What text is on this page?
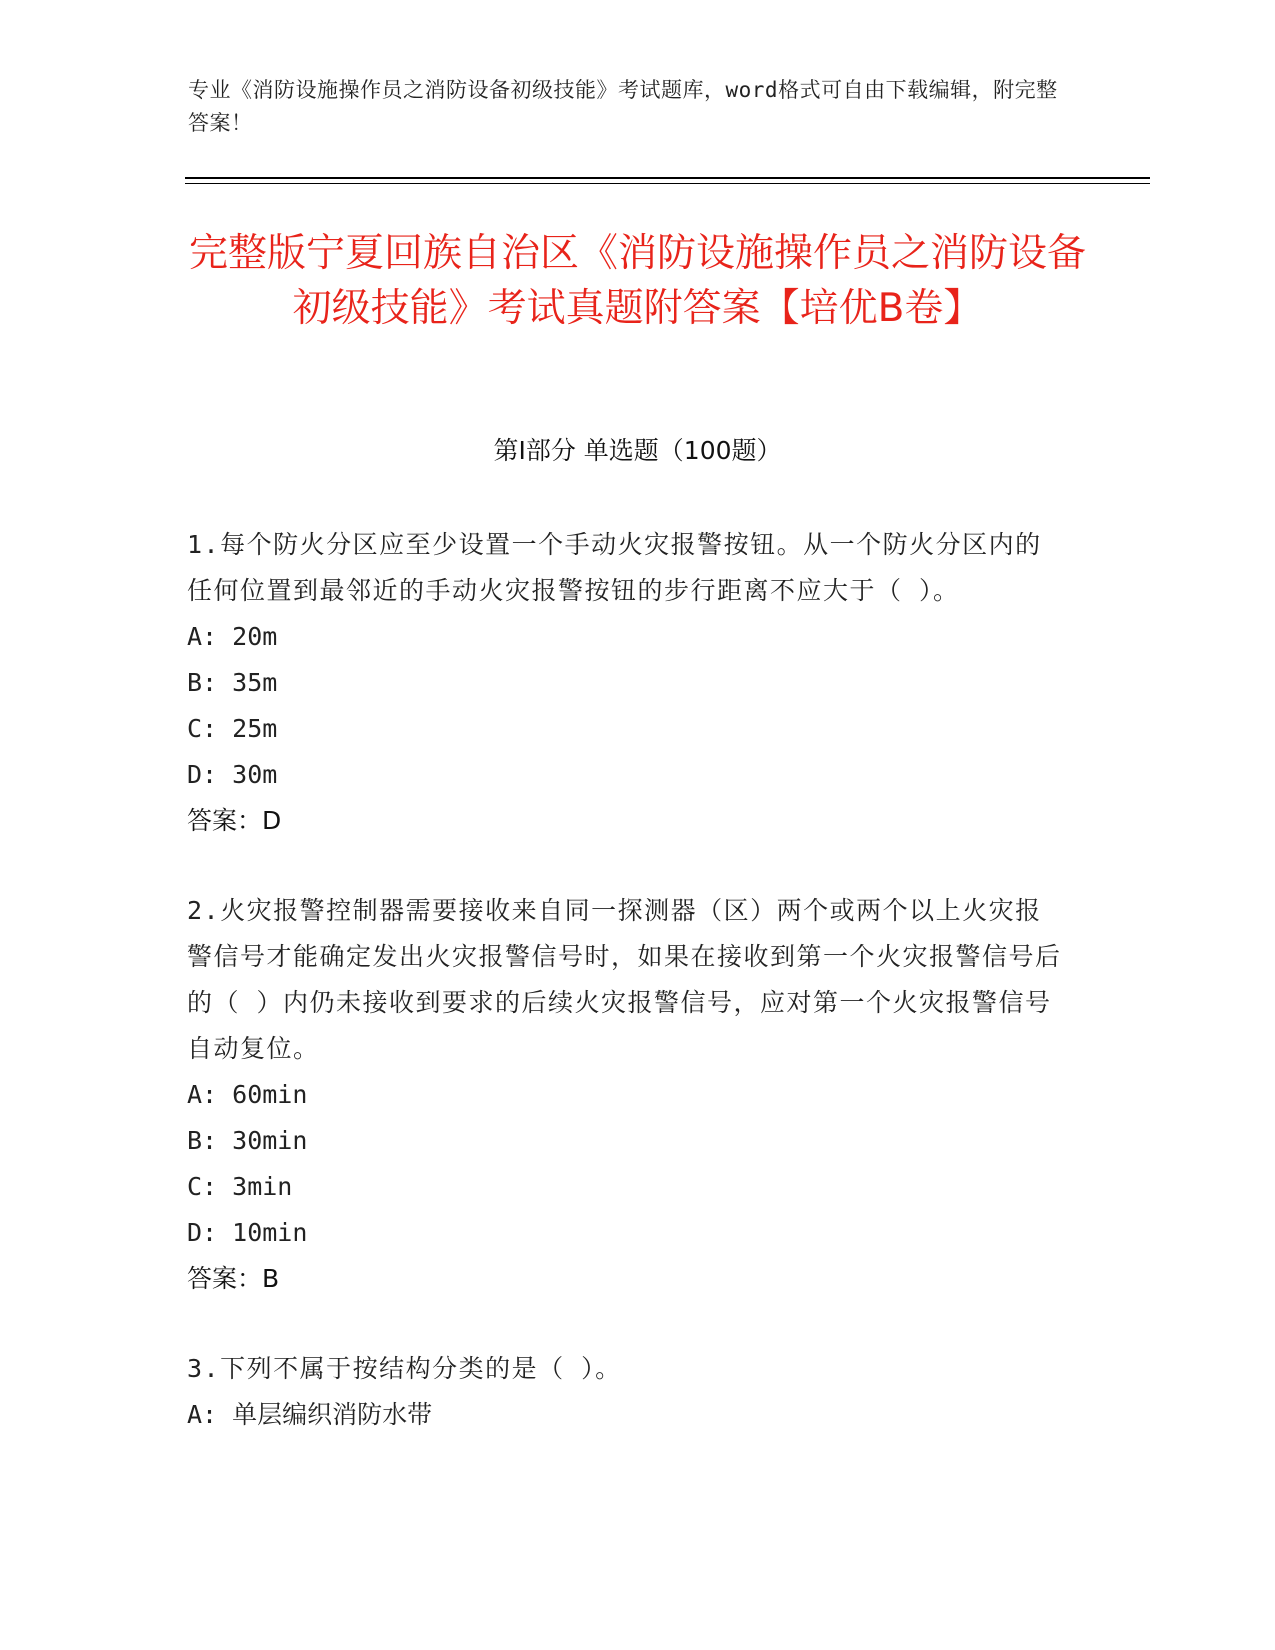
专业《消防设施操作员之消防设备初级技能》考试题库，word格式可自由下载编辑，附完整答案！
完整版宁夏回族自治区《消防设施操作员之消防设备初级技能》考试真题附答案【培优B卷】
第I部分 单选题（100题）
1.每个防火分区应至少设置一个手动火灾报警按钮。从一个防火分区内的任何位置到最邻近的手动火灾报警按钮的步行距离不应大于（ ）。
A: 20m
B: 35m
C: 25m
D: 30m
答案：D
2.火灾报警控制器需要接收来自同一探测器（区）两个或两个以上火灾报警信号才能确定发出火灾报警信号时，如果在接收到第一个火灾报警信号后的（ ）内仍未接收到要求的后续火灾报警信号，应对第一个火灾报警信号自动复位。
A: 60min
B: 30min
C: 3min
D: 10min
答案：B
3.下列不属于按结构分类的是（ ）。
A: 单层编织消防水带
